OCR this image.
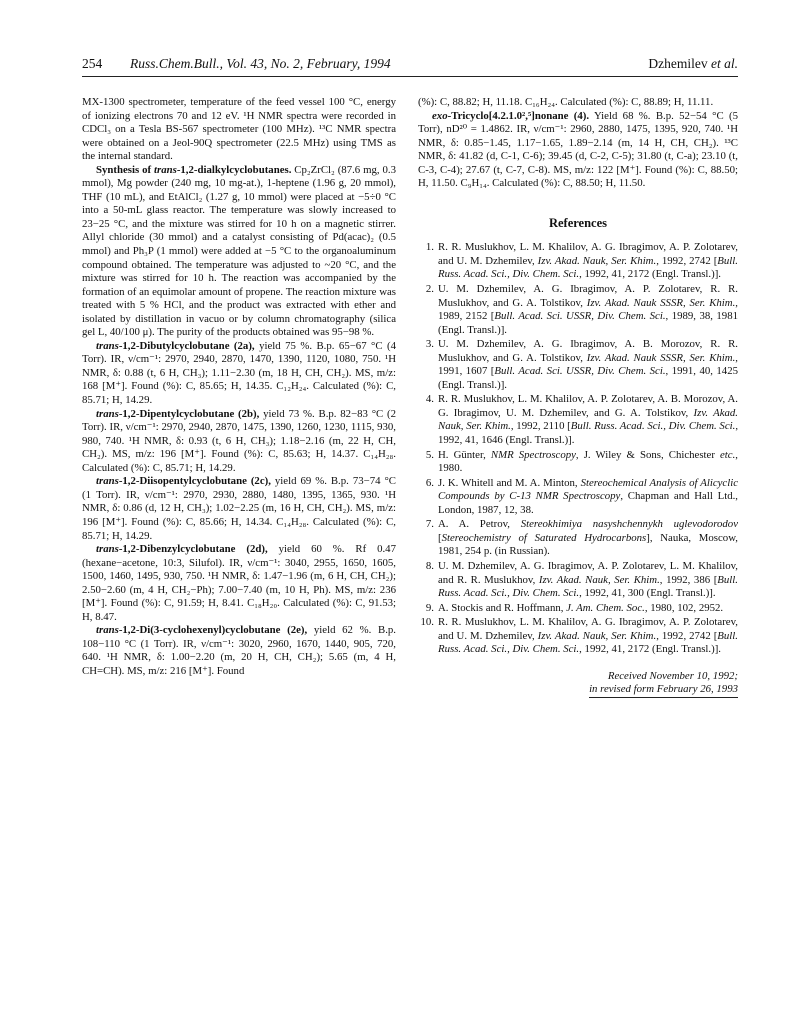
254 Russ.Chem.Bull., Vol. 43, No. 2, February, 1994	Dzhemilev et al.

MX-1300 spectrometer, temperature of the feed vessel 100 °C, energy of ionizing electrons 70 and 12 eV. ¹H NMR spectra were recorded in CDCl₃ on a Tesla BS-567 spectrometer (100 MHz). ¹³C NMR spectra were obtained on a Jeol-90Q spectrometer (22.5 MHz) using TMS as the internal standard.

Synthesis of trans-1,2-dialkylcyclobutanes. Cp₂ZrCl₂ (87.6 mg, 0.3 mmol), Mg powder (240 mg, 10 mg-at.), 1-heptene (1.96 g, 20 mmol), THF (10 mL), and EtAlCl₂ (1.27 g, 10 mmol) were placed at −5÷0 °C into a 50-mL glass reactor. The temperature was slowly increased to 23−25 °C, and the mixture was stirred for 10 h on a magnetic stirrer. Allyl chloride (30 mmol) and a catalyst consisting of Pd(acac)₂ (0.5 mmol) and Ph₃P (1 mmol) were added at −5 °C to the organoaluminum compound obtained. The temperature was adjusted to ~20 °C, and the mixture was stirred for 10 h. The reaction was accompanied by the formation of an equimolar amount of propene. The reaction mixture was treated with 5 % HCl, and the product was extracted with ether and isolated by distillation in vacuo or by column chromatography (silica gel L, 40/100 μ). The purity of the products obtained was 95−98 %.

trans-1,2-Dibutylcyclobutane (2a), yield 75 %. B.p. 65−67 °C (4 Torr). IR, ν/cm⁻¹: 2970, 2940, 2870, 1470, 1390, 1120, 1080, 750. ¹H NMR, δ: 0.88 (t, 6 H, CH₃); 1.11−2.30 (m, 18 H, CH, CH₂). MS, m/z: 168 [M⁺]. Found (%): C, 85.65; H, 14.35. C₁₂H₂₄. Calculated (%): C, 85.71; H, 14.29.

trans-1,2-Dipentylcyclobutane (2b), yield 73 %. B.p. 82−83 °C (2 Torr). IR, ν/cm⁻¹: 2970, 2940, 2870, 1475, 1390, 1260, 1230, 1115, 930, 980, 740. ¹H NMR, δ: 0.93 (t, 6 H, CH₃); 1.18−2.16 (m, 22 H, CH, CH₂). MS, m/z: 196 [M⁺]. Found (%): C, 85.63; H, 14.37. C₁₄H₂₈. Calculated (%): C, 85.71; H, 14.29.

trans-1,2-Diisopentylcyclobutane (2c), yield 69 %. B.p. 73−74 °C (1 Torr). IR, ν/cm⁻¹: 2970, 2930, 2880, 1480, 1395, 1365, 930. ¹H NMR, δ: 0.86 (d, 12 H, CH₃); 1.02−2.25 (m, 16 H, CH, CH₂). MS, m/z: 196 [M⁺]. Found (%): C, 85.66; H, 14.34. C₁₄H₂₈. Calculated (%): C, 85.71; H, 14.29.

trans-1,2-Dibenzylcyclobutane (2d), yield 60 %. Rf 0.47 (hexane−acetone, 10:3, Silufol). IR, ν/cm⁻¹: 3040, 2955, 1650, 1605, 1500, 1460, 1495, 930, 750. ¹H NMR, δ: 1.47−1.96 (m, 6 H, CH, CH₂); 2.50−2.60 (m, 4 H, CH₂−Ph); 7.00−7.40 (m, 10 H, Ph). MS, m/z: 236 [M⁺]. Found (%): C, 91.59; H, 8.41. C₁₈H₂₀. Calculated (%): C, 91.53; H, 8.47.

trans-1,2-Di(3-cyclohexenyl)cyclobutane (2e), yield 62 %. B.p. 108−110 °C (1 Torr). IR, ν/cm⁻¹: 3020, 2960, 1670, 1440, 905, 720, 640. ¹H NMR, δ: 1.00−2.20 (m, 20 H, CH, CH₂); 5.65 (m, 4 H, CH=CH). MS, m/z: 216 [M⁺]. Found

(%): C, 88.82; H, 11.18. C₁₆H₂₄. Calculated (%): C, 88.89; H, 11.11.

exo-Tricyclo[4.2.1.0²,⁵]nonane (4). Yield 68 %. B.p. 52−54 °C (5 Torr), nD²⁰ = 1.4862. IR, ν/cm⁻¹: 2960, 2880, 1475, 1395, 920, 740. ¹H NMR, δ: 0.85−1.45, 1.17−1.65, 1.89−2.14 (m, 14 H, CH, CH₂). ¹³C NMR, δ: 41.82 (d, C-1, C-6); 39.45 (d, C-2, C-5); 31.80 (t, C-a); 23.10 (t, C-3, C-4); 27.67 (t, C-7, C-8). MS, m/z: 122 [M⁺]. Found (%): C, 88.50; H, 11.50. C₉H₁₄. Calculated (%): C, 88.50; H, 11.50.

References
1. R. R. Muslukhov, L. M. Khalilov, A. G. Ibragimov, A. P. Zolotarev, and U. M. Dzhemilev, Izv. Akad. Nauk, Ser. Khim., 1992, 2742 [Bull. Russ. Acad. Sci., Div. Chem. Sci., 1992, 41, 2172 (Engl. Transl.)].
2. U. M. Dzhemilev, A. G. Ibragimov, A. P. Zolotarev, R. R. Muslukhov, and G. A. Tolstikov, Izv. Akad. Nauk SSSR, Ser. Khim., 1989, 2152 [Bull. Acad. Sci. USSR, Div. Chem. Sci., 1989, 38, 1981 (Engl. Transl.)].
3. U. M. Dzhemilev, A. G. Ibragimov, A. B. Morozov, R. R. Muslukhov, and G. A. Tolstikov, Izv. Akad. Nauk SSSR, Ser. Khim., 1991, 1607 [Bull. Acad. Sci. USSR, Div. Chem. Sci., 1991, 40, 1425 (Engl. Transl.)].
4. R. R. Muslukhov, L. M. Khalilov, A. P. Zolotarev, A. B. Morozov, A. G. Ibragimov, U. M. Dzhemilev, and G. A. Tolstikov, Izv. Akad. Nauk, Ser. Khim., 1992, 2110 [Bull. Russ. Acad. Sci., Div. Chem. Sci., 1992, 41, 1646 (Engl. Transl.)].
5. H. Günter, NMR Spectroscopy, J. Wiley & Sons, Chichester etc., 1980.
6. J. K. Whitell and M. A. Minton, Stereochemical Analysis of Alicyclic Compounds by C-13 NMR Spectroscopy, Chapman and Hall Ltd., London, 1987, 12, 38.
7. A. A. Petrov, Stereokhimiya nasyshchennykh uglevodorodov [Stereochemistry of Saturated Hydrocarbons], Nauka, Moscow, 1981, 254 p. (in Russian).
8. U. M. Dzhemilev, A. G. Ibragimov, A. P. Zolotarev, L. M. Khalilov, and R. R. Muslukhov, Izv. Akad. Nauk, Ser. Khim., 1992, 386 [Bull. Russ. Acad. Sci., Div. Chem. Sci., 1992, 41, 300 (Engl. Transl.)].
9. A. Stockis and R. Hoffmann, J. Am. Chem. Soc., 1980, 102, 2952.
10. R. R. Muslukhov, L. M. Khalilov, A. G. Ibragimov, A. P. Zolotarev, and U. M. Dzhemilev, Izv. Akad. Nauk, Ser. Khim., 1992, 2742 [Bull. Russ. Acad. Sci., Div. Chem. Sci., 1992, 41, 2172 (Engl. Transl.)].
Received November 10, 1992;
in revised form February 26, 1993
